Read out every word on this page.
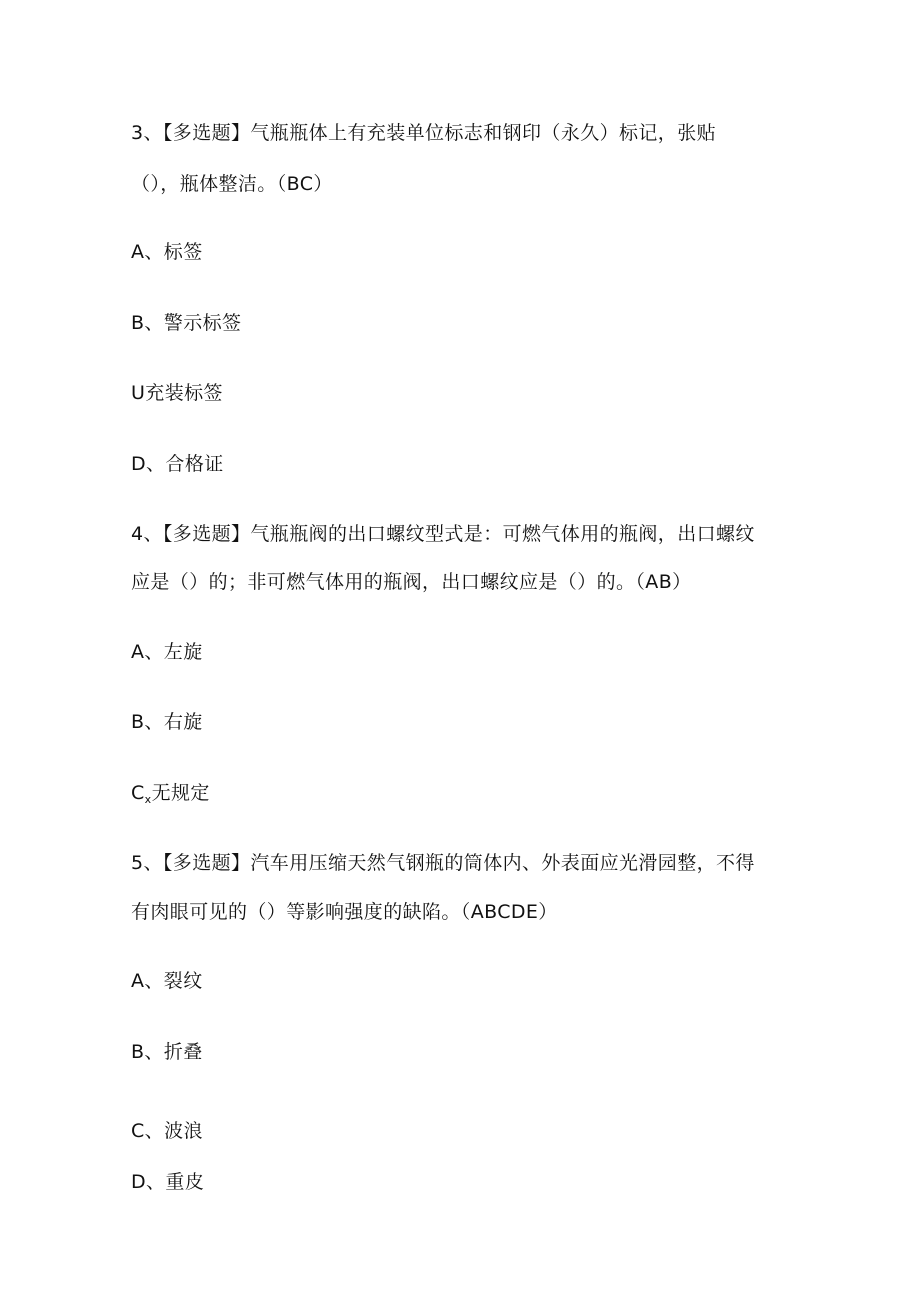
3、【多选题】气瓶瓶体上有充装单位标志和钢印（永久）标记，张贴
（），瓶体整洁。（BC）
A、标签
B、警示标签
U充装标签
D、合格证
4、【多选题】气瓶瓶阀的出口螺纹型式是：可燃气体用的瓶阀，出口螺纹
应是（）的；非可燃气体用的瓶阀，出口螺纹应是（）的。（AB）
A、左旋
B、右旋
$C_x$无规定
5、【多选题】汽车用压缩天然气钢瓶的筒体内、外表面应光滑园整，不得
有肉眼可见的（）等影响强度的缺陷。（ABCDE）
A、裂纹
B、折叠
C、波浪
D、重皮
